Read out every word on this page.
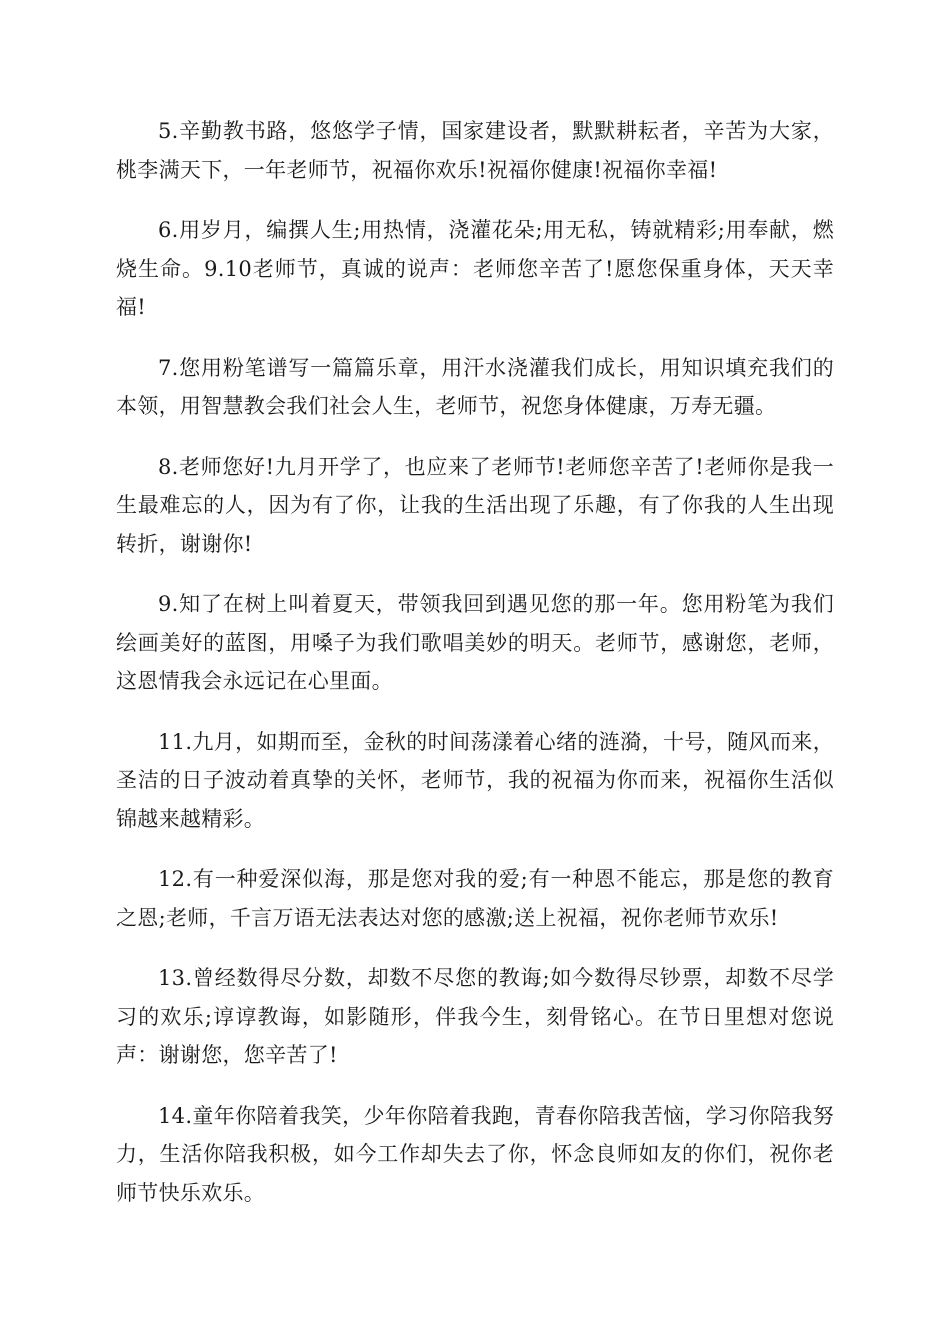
5.辛勤教书路，悠悠学子情，国家建设者，默默耕耘者，辛苦为大家，桃李满天下，一年老师节，祝福你欢乐!祝福你健康!祝福你幸福!

6.用岁月，编撰人生;用热情，浇灌花朵;用无私，铸就精彩;用奉献，燃烧生命。9.10老师节，真诚的说声：老师您辛苦了!愿您保重身体，天天幸福!

7.您用粉笔谱写一篇篇乐章，用汗水浇灌我们成长，用知识填充我们的本领，用智慧教会我们社会人生，老师节，祝您身体健康，万寿无疆。

8.老师您好!九月开学了，也应来了老师节!老师您辛苦了!老师你是我一生最难忘的人，因为有了你，让我的生活出现了乐趣，有了你我的人生出现转折，谢谢你!

9.知了在树上叫着夏天，带领我回到遇见您的那一年。您用粉笔为我们绘画美好的蓝图，用嗓子为我们歌唱美妙的明天。老师节，感谢您，老师，这恩情我会永远记在心里面。

11.九月，如期而至，金秋的时间荡漾着心绪的涟漪，十号，随风而来，圣洁的日子波动着真挚的关怀，老师节，我的祝福为你而来，祝福你生活似锦越来越精彩。

12.有一种爱深似海，那是您对我的爱;有一种恩不能忘，那是您的教育之恩;老师，千言万语无法表达对您的感激;送上祝福，祝你老师节欢乐!

13.曾经数得尽分数，却数不尽您的教诲;如今数得尽钞票，却数不尽学习的欢乐;谆谆教诲，如影随形，伴我今生，刻骨铭心。在节日里想对您说声：谢谢您，您辛苦了!

14.童年你陪着我笑，少年你陪着我跑，青春你陪我苦恼，学习你陪我努力，生活你陪我积极，如今工作却失去了你，怀念良师如友的你们，祝你老师节快乐欢乐。
